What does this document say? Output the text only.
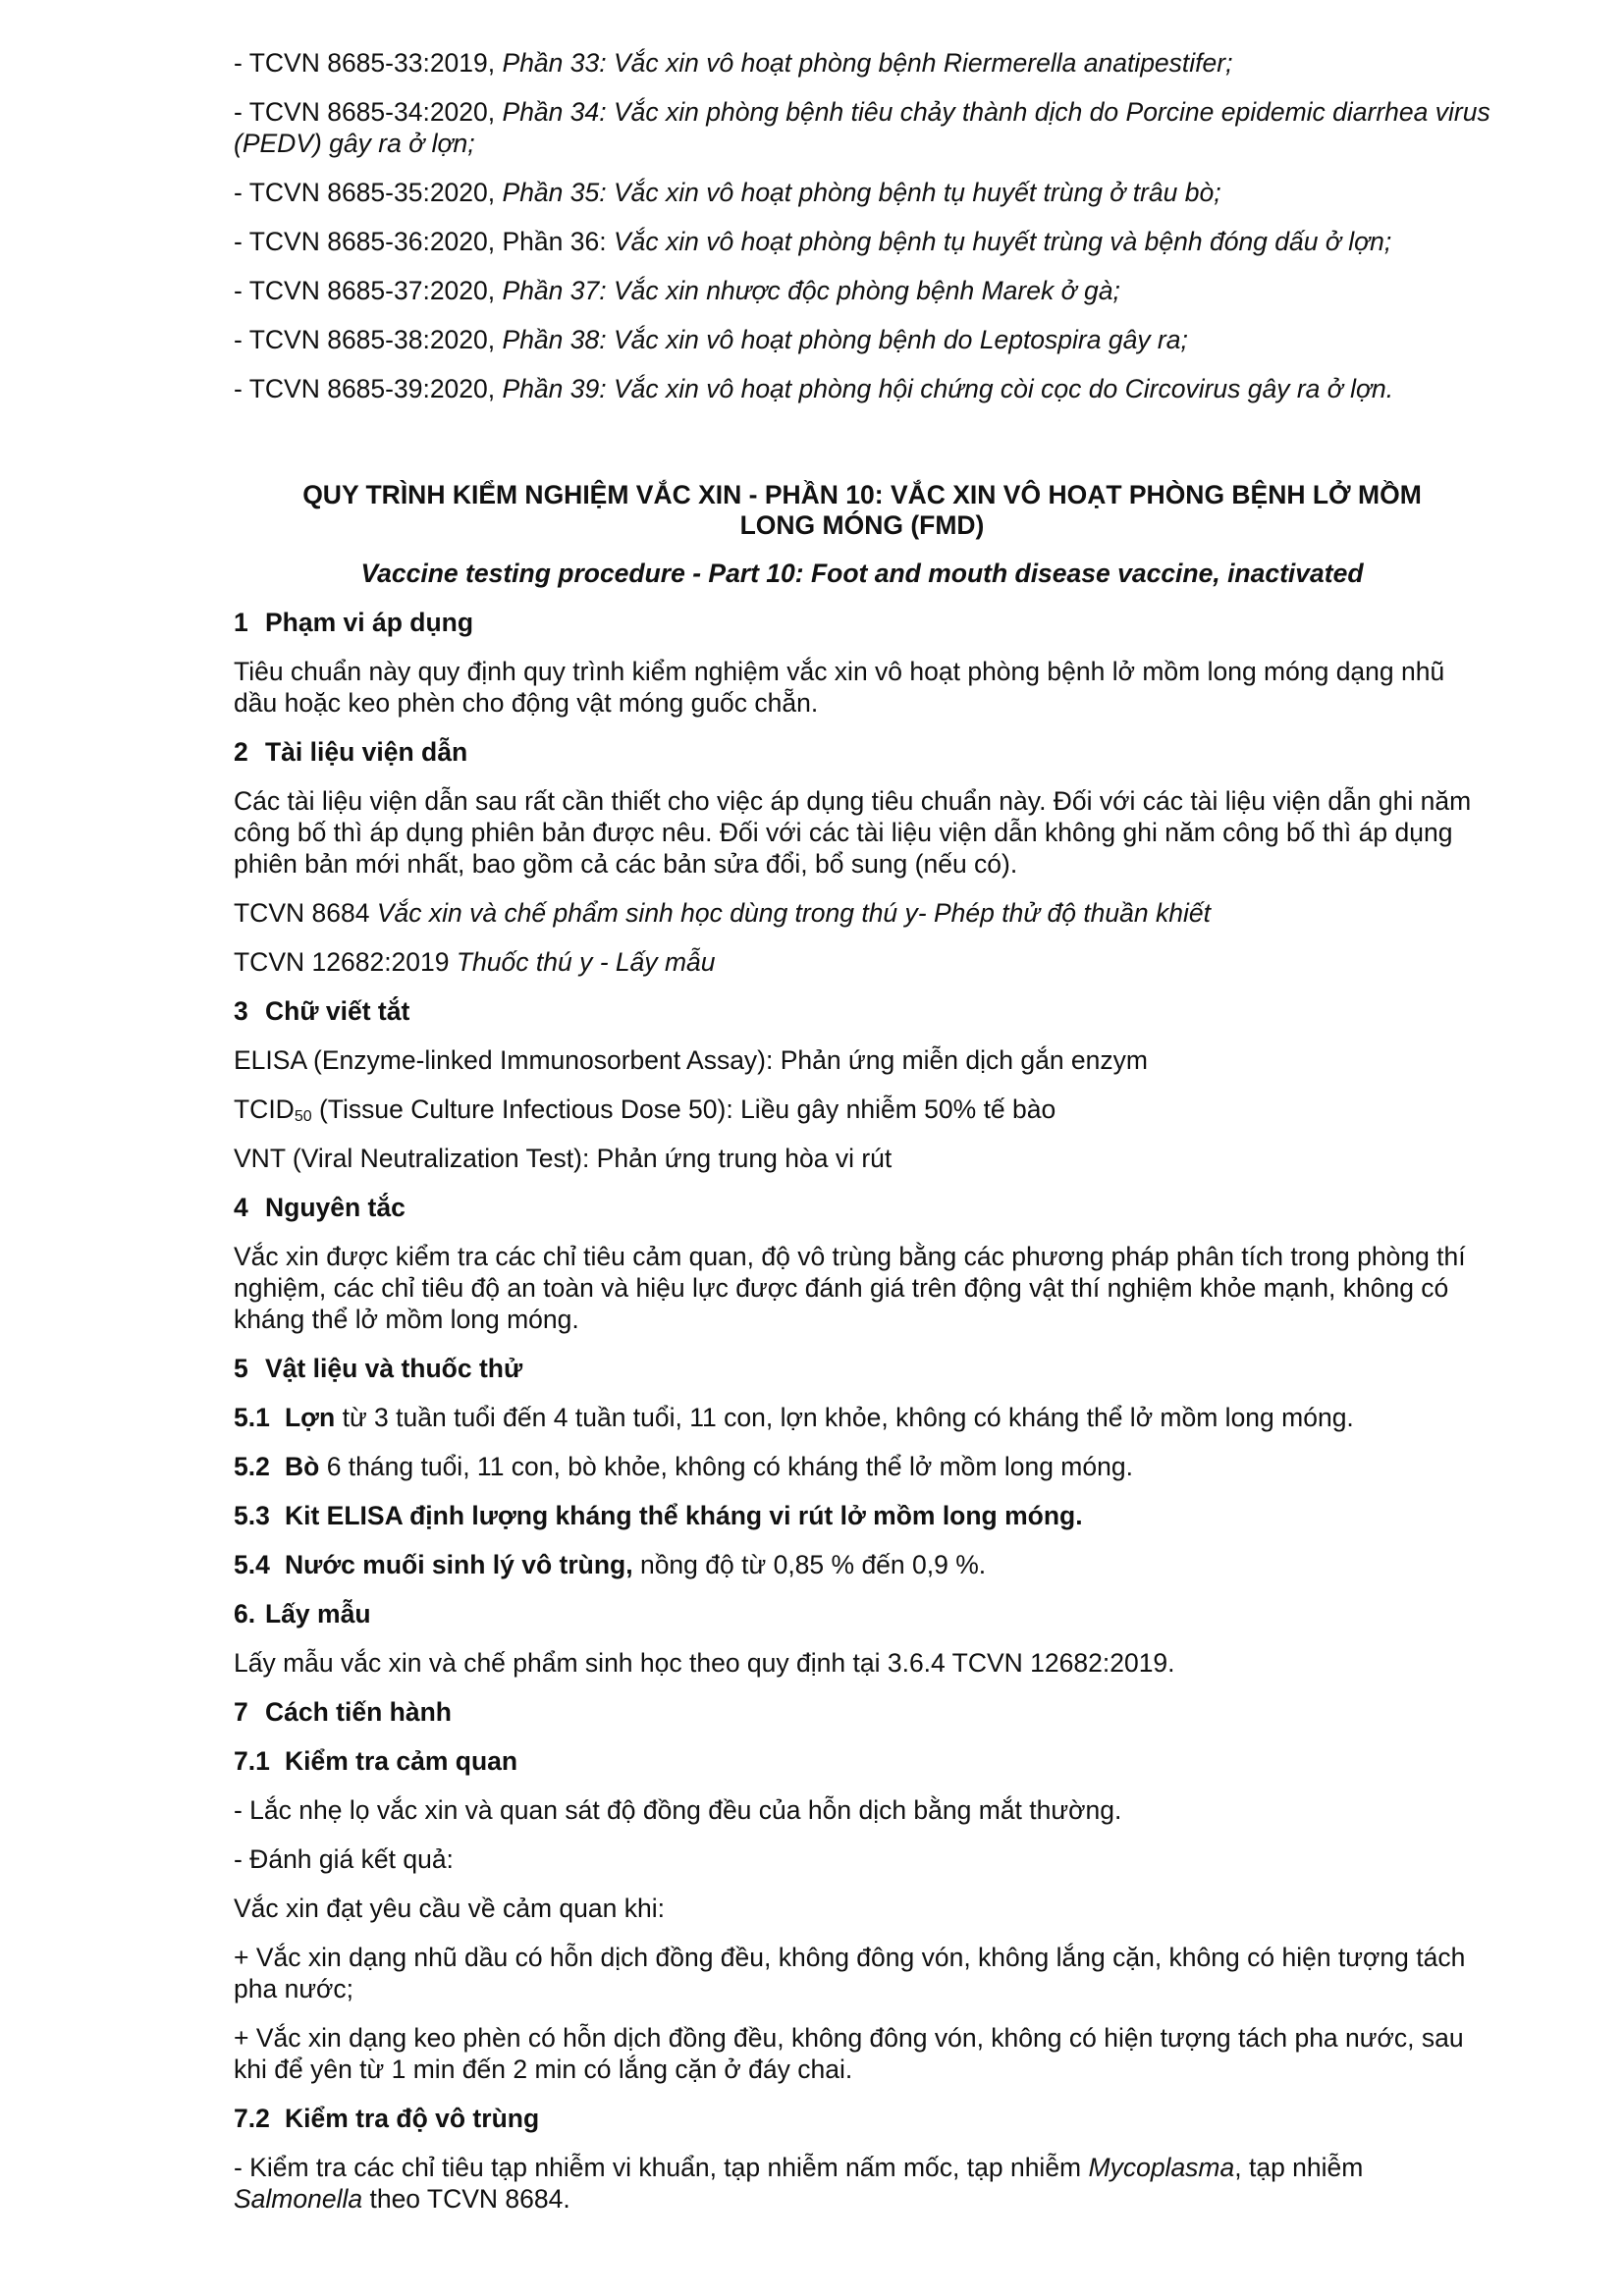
- TCVN 8685-33:2019, Phần 33: Vắc xin vô hoạt phòng bệnh Riermerella anatipestifer;

- TCVN 8685-34:2020, Phần 34: Vắc xin phòng bệnh tiêu chảy thành dịch do Porcine epidemic diarrhea virus (PEDV) gây ra ở lợn;

- TCVN 8685-35:2020, Phần 35: Vắc xin vô hoạt phòng bệnh tụ huyết trùng ở trâu bò;

- TCVN 8685-36:2020, Phần 36: Vắc xin vô hoạt phòng bệnh tụ huyết trùng và bệnh đóng dấu ở lợn;

- TCVN 8685-37:2020, Phần 37: Vắc xin nhược độc phòng bệnh Marek ở gà;

- TCVN 8685-38:2020, Phần 38: Vắc xin vô hoạt phòng bệnh do Leptospira gây ra;

- TCVN 8685-39:2020, Phần 39: Vắc xin vô hoạt phòng hội chứng còi cọc do Circovirus gây ra ở lợn.

QUY TRÌNH KIỂM NGHIỆM VẮC XIN - PHẦN 10: VẮC XIN VÔ HOẠT PHÒNG BỆNH LỞ MỒM

LONG MÓNG (FMD)

Vaccine testing procedure - Part 10: Foot and mouth disease vaccine, inactivated

1 Phạm vi áp dụng

Tiêu chuẩn này quy định quy trình kiểm nghiệm vắc xin vô hoạt phòng bệnh lở mồm long móng dạng nhũ dầu hoặc keo phèn cho động vật móng guốc chẵn.

2 Tài liệu viện dẫn

Các tài liệu viện dẫn sau rất cần thiết cho việc áp dụng tiêu chuẩn này. Đối với các tài liệu viện dẫn ghi năm công bố thì áp dụng phiên bản được nêu. Đối với các tài liệu viện dẫn không ghi năm công bố thì áp dụng phiên bản mới nhất, bao gồm cả các bản sửa đổi, bổ sung (nếu có).

TCVN 8684 Vắc xin và chế phẩm sinh học dùng trong thú y- Phép thử độ thuần khiết

TCVN 12682:2019 Thuốc thú y - Lấy mẫu

3 Chữ viết tắt

ELISA (Enzyme-linked Immunosorbent Assay): Phản ứng miễn dịch gắn enzym

$TCID_{50}$ (Tissue Culture Infectious Dose 50): Liều gây nhiễm 50% tế bào

VNT (Viral Neutralization Test): Phản ứng trung hòa vi rút

4 Nguyên tắc

Vắc xin được kiểm tra các chỉ tiêu cảm quan, độ vô trùng bằng các phương pháp phân tích trong phòng thí nghiệm, các chỉ tiêu độ an toàn và hiệu lực được đánh giá trên động vật thí nghiệm khỏe mạnh, không có kháng thể lở mồm long móng.

5 Vật liệu và thuốc thử

5.1 Lợn từ 3 tuần tuổi đến 4 tuần tuổi, 11 con, lợn khỏe, không có kháng thể lở mồm long móng.

5.2 Bò 6 tháng tuổi, 11 con, bò khỏe, không có kháng thể lở mồm long móng.

5.3 Kit ELISA định lượng kháng thể kháng vi rút lở mồm long móng.

5.4 Nước muối sinh lý vô trùng, nồng độ từ 0,85 % đến 0,9 %.

6. Lấy mẫu

Lấy mẫu vắc xin và chế phẩm sinh học theo quy định tại 3.6.4 TCVN 12682:2019.

7 Cách tiến hành

7.1 Kiểm tra cảm quan

- Lắc nhẹ lọ vắc xin và quan sát độ đồng đều của hỗn dịch bằng mắt thường.

- Đánh giá kết quả:

Vắc xin đạt yêu cầu về cảm quan khi:

+ Vắc xin dạng nhũ dầu có hỗn dịch đồng đều, không đông vón, không lắng cặn, không có hiện tượng tách pha nước;

+ Vắc xin dạng keo phèn có hỗn dịch đồng đều, không đông vón, không có hiện tượng tách pha nước, sau khi để yên từ 1 min đến 2 min có lắng cặn ở đáy chai.

7.2 Kiểm tra độ vô trùng

- Kiểm tra các chỉ tiêu tạp nhiễm vi khuẩn, tạp nhiễm nấm mốc, tạp nhiễm Mycoplasma, tạp nhiễm Salmonella theo TCVN 8684.
